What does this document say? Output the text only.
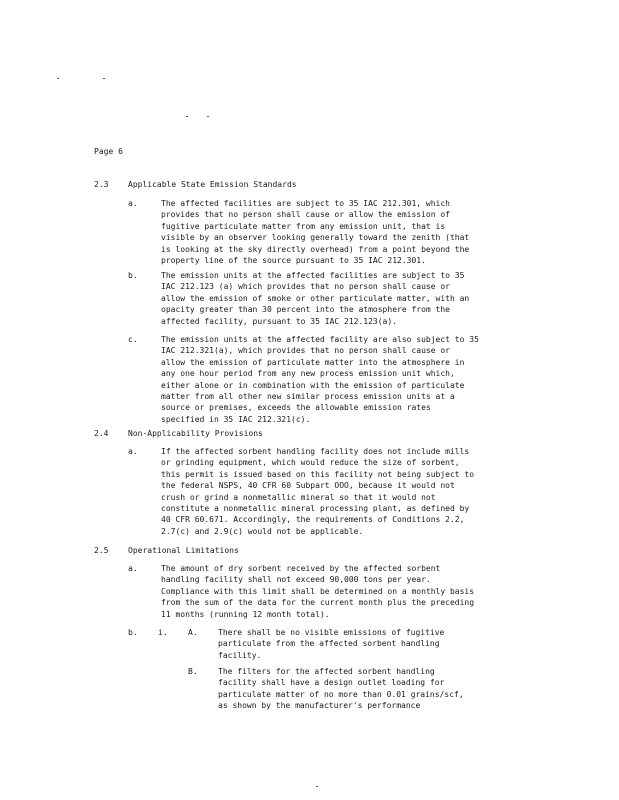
Page 6
2.3 Applicable State Emission Standards
a.	The affected facilities are subject to 35 IAC 212.301, which
provides that no person shall cause or allow the emission of
fugitive particulate matter from any emission unit, that is
visible by an observer looking generally toward the zenith (that
is looking at the sky directly overhead) from a point beyond the
property line of the source pursuant to 35 IAC 212.301.
b.	The emission units at the affected facilities are subject to 35
IAC 212.123 (a) which provides that no person shall cause or
allow the emission of smoke or other particulate matter, with an
opacity greater than 30 percent into the atmosphere from the
affected facility, pursuant to 35 IAC 212.123(a).
c.	The emission units at the affected facility are also subject to 35
IAC 212.321(a), which provides that no person shall cause or
allow the emission of particulate matter into the atmosphere in
any one hour period from any new process emission unit which,
either alone or in combination with the emission of particulate
matter from all other new similar process emission units at a
source or premises, exceeds the allowable emission rates
specified in 35 IAC 212.321(c).
2.4 Non-Applicability Provisions
a.	If the affected sorbent handling facility does not include mills
or grinding equipment, which would reduce the size of sorbent,
this permit is issued based on this facility not being subject to
the federal NSPS, 40 CFR 60 Subpart OOO, because it would not
crush or grind a nonmetallic mineral so that it would not
constitute a nonmetallic mineral processing plant, as defined by
40 CFR 60.671. Accordingly, the requirements of Conditions 2.2,
2.7(c) and 2.9(c) would not be applicable.
2.5 Operational Limitations
a.	The amount of dry sorbent received by the affected sorbent
handling facility shall not exceed 90,000 tons per year.
Compliance with this limit shall be determined on a monthly basis
from the sum of the data for the current month plus the preceding
11 months (running 12 month total).
b.	i.	A.	There shall be no visible emissions of fugitive
particulate from the affected sorbent handling
facility.
B.	The filters for the affected sorbent handling
facility shall have a design outlet loading for
particulate matter of no more than 0.01 grains/scf,
as shown by the manufacturer's performance
